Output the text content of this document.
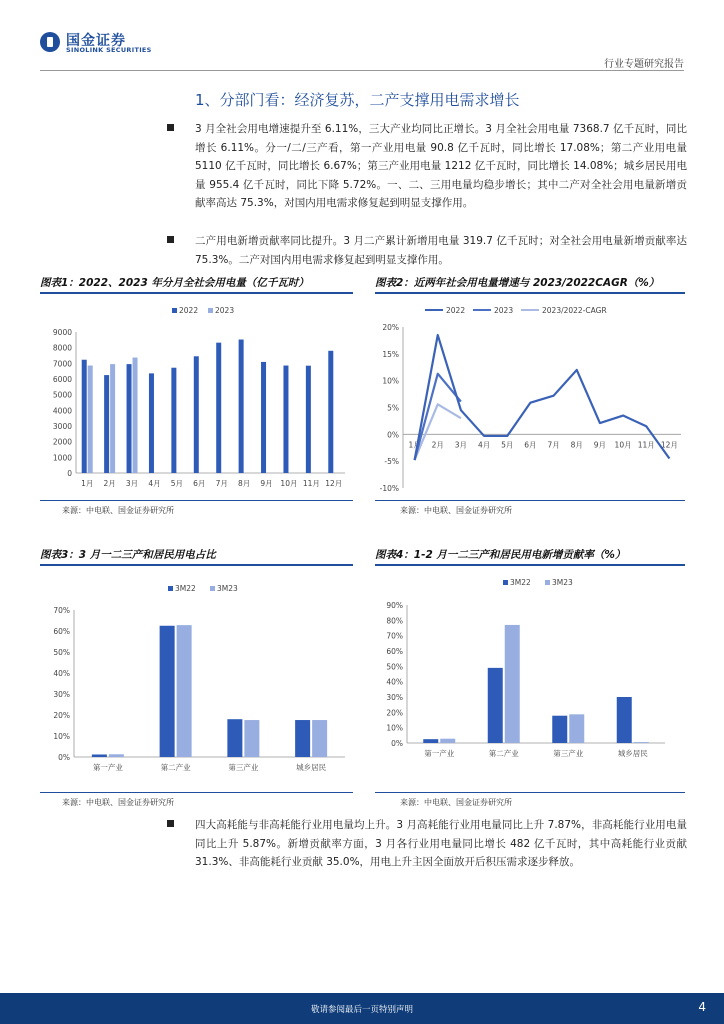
国金证券
SINOLINK SECURITIES
行业专题研究报告
1、分部门看：经济复苏，二产支撑用电需求增长
3 月全社会用电增速提升至 6.11%，三大产业均同比正增长。3 月全社会用电量 7368.7 亿千瓦时，同比增长 6.11%。分一/二/三产看，第一产业用电量 90.8 亿千瓦时，同比增长 17.08%；第二产业用电量 5110 亿千瓦时，同比增长 6.67%；第三产业用电量 1212 亿千瓦时，同比增长 14.08%；城乡居民用电量 955.4 亿千瓦时，同比下降 5.72%。一、二、三用电量均稳步增长；其中二产对全社会用电量新增贡献率高达 75.3%，对国内用电需求修复起到明显支撑作用。
二产用电新增贡献率同比提升。3 月二产累计新增用电量 319.7 亿千瓦时；对全社会用电量新增贡献率达 75.3%。二产对国内用电需求修复起到明显支撑作用。
图表1：2022、2023 年分月全社会用电量（亿千瓦时）	图表2：近两年社会用电量增速与 2023/2022CAGR（%）
2022 2023
0
1000
2000
3000
4000
5000
6000
7000
8000
9000
1月 2月 3月 4月 5月 6月 7月 8月 9月 10月 11月 12月
2022	2023	2023/2022-CAGR
-10%
-5%
0%
5%
10%
15%
20%
1月 2月 3月 4月 5月 6月 7月 8月 9月 10月 11月 12月
来源：中电联、国金证券研究所	来源：中电联、国金证券研究所
图表3：3 月一二三产和居民用电占比	图表4：1-2 月一二三产和居民用电新增贡献率（%）
3M22	3M23
0%
10%
20%
30%
40%
50%
60%
70%
第一产业	第二产业	第三产业	城乡居民
3M22	3M23
0%
10%
20%
30%
40%
50%
60%
70%
80%
90%
第一产业	第二产业	第三产业	城乡居民
来源：中电联、国金证券研究所	来源：中电联、国金证券研究所
四大高耗能与非高耗能行业用电量均上升。3 月高耗能行业用电量同比上升 7.87%，非高耗能行业用电量同比上升 5.87%。新增贡献率方面，3 月各行业用电量同比增长 482 亿千瓦时，其中高耗能行业贡献 31.3%、非高能耗行业贡献 35.0%，用电上升主因全面放开后积压需求逐步释放。
敬请参阅最后一页特别声明	4
